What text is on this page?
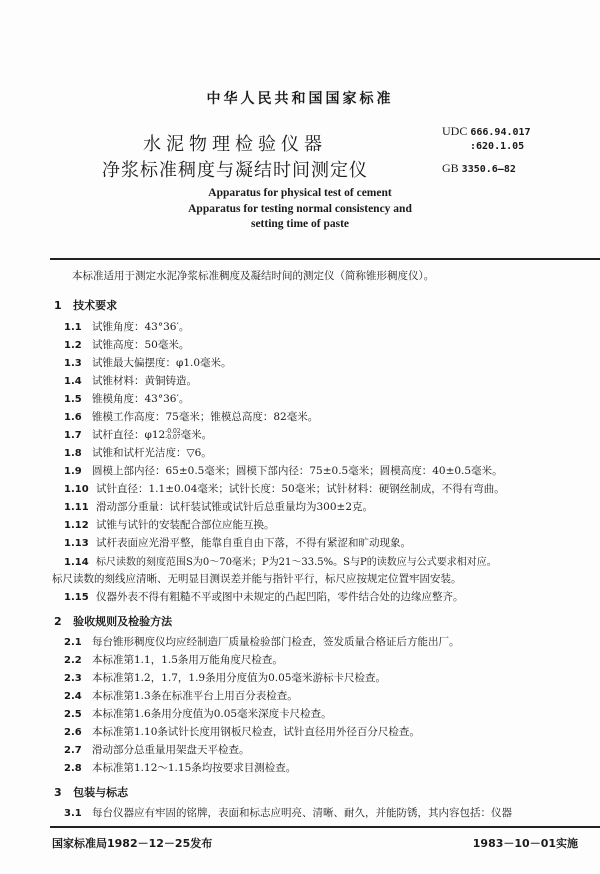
中华人民共和国国家标准
水泥物理检验仪器
净浆标准稠度与凝结时间测定仪
UDC 666.94.017
:620.1.05
GB 3350.6—82
Apparatus for physical test of cement
Apparatus for testing normal consistency and
setting time of paste
本标准适用于测定水泥净浆标准稠度及凝结时间的测定仪（简称锥形稠度仪）。
1 技术要求
1.1 试锥角度：43°36′。
1.2 试锥高度：50毫米。
1.3 试锥最大偏摆度：φ1.0毫米。
1.4 试锥材料：黄铜铸造。
1.5 锥模角度：43°36′。
1.6 锥模工作高度：75毫米；锥模总高度：82毫米。
1.7 试杆直径：φ12-0.02
-0.07毫米。
1.8 试锥和试杆光洁度：▽6。
1.9 圆模上部内径：65±0.5毫米；圆模下部内径：75±0.5毫米；圆模高度：40±0.5毫米。
1.10 试针直径：1.1±0.04毫米；试针长度：50毫米；试针材料：硬钢丝制成，不得有弯曲。
1.11 滑动部分重量：试杆装试锥或试针后总重量均为300±2克。
1.12 试锥与试针的安装配合部位应能互换。
1.13 试杆表面应光滑平整，能靠自重自由下落，不得有紧涩和旷动现象。
1.14 标尺读数的刻度范围S为0～70毫米；P为21～33.5%。S与P的读数应与公式要求相对应。
标尺读数的刻线应清晰、无明显目测误差并能与指针平行，标尺应按规定位置牢固安装。
1.15 仪器外表不得有粗糙不平或图中未规定的凸起凹陷，零件结合处的边缘应整齐。
2 验收规则及检验方法
2.1 每台锥形稠度仪均应经制造厂质量检验部门检查，签发质量合格证后方能出厂。
2.2 本标准第1.1，1.5条用万能角度尺检查。
2.3 本标准第1.2，1.7，1.9条用分度值为0.05毫米游标卡尺检查。
2.4 本标准第1.3条在标准平台上用百分表检查。
2.5 本标准第1.6条用分度值为0.05毫米深度卡尺检查。
2.6 本标准第1.10条试针长度用钢板尺检查，试针直径用外径百分尺检查。
2.7 滑动部分总重量用架盘天平检查。
2.8 本标准第1.12～1.15条均按要求目测检查。
3 包装与标志
3.1 每台仪器应有牢固的铭牌，表面和标志应明亮、清晰、耐久，并能防锈，其内容包括：仪器
国家标准局1982－12－25发布	1983－10－01实施
